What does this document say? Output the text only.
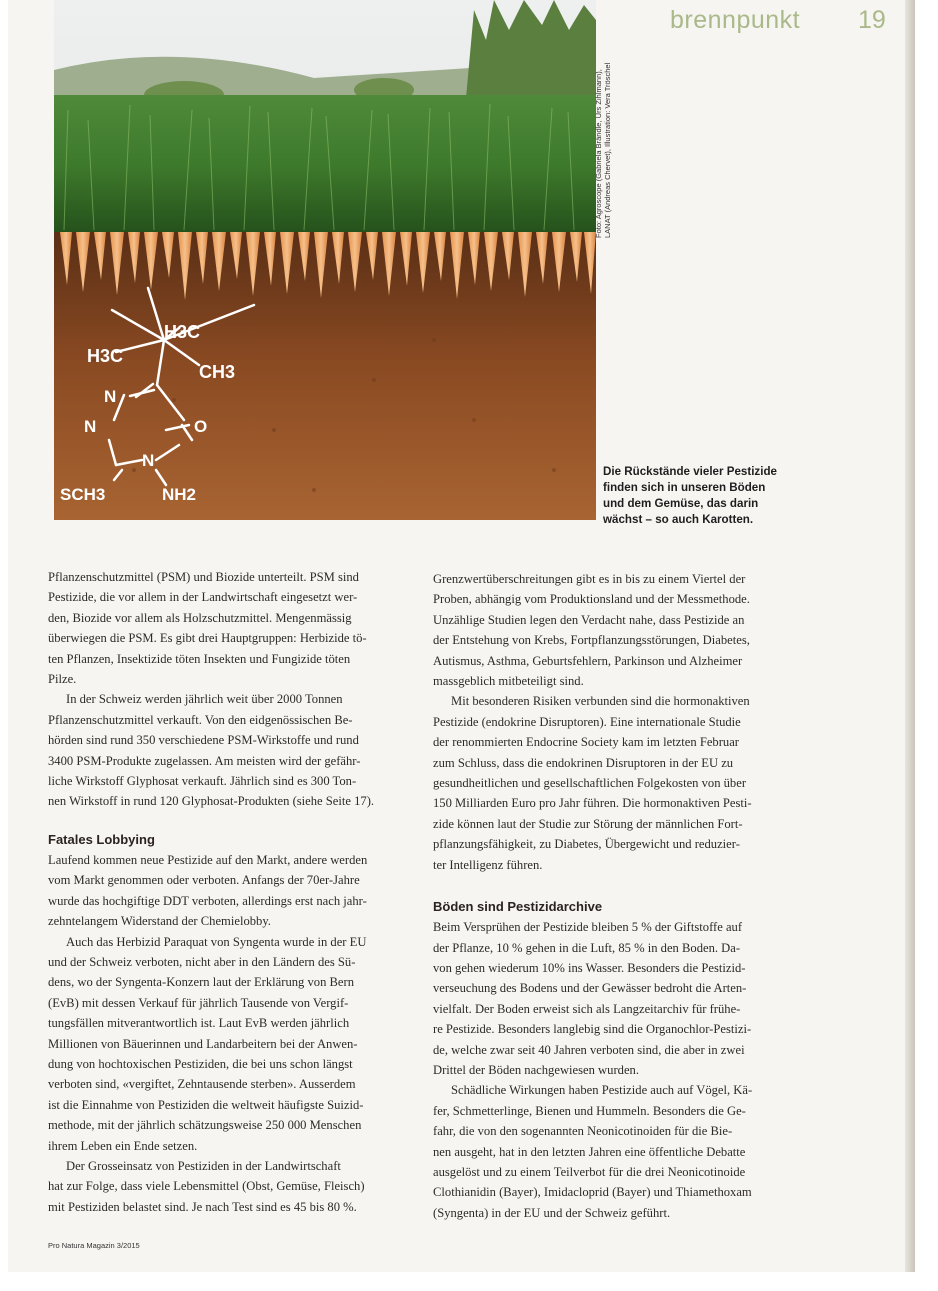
brennpunkt 19
H3C
H3C
CH3
N
N
N
O
SCH3	NH2
Foto: Agroscope (Gabriela Brändle, Urs Zihlmann), LANAT (Andreas Chervet), Illustration: Vera Tröschel
Die Rückstände vieler Pestizide
finden sich in unseren Böden
und dem Gemüse, das darin
wächst – so auch Karotten.

Pflanzenschutzmittel (PSM) und Biozide unterteilt. PSM sind
Pestizide, die vor allem in der Landwirtschaft eingesetzt wer-
den, Biozide vor allem als Holzschutzmittel. Mengenmässig
überwiegen die PSM. Es gibt drei Hauptgruppen: Herbizide tö-
ten Pflanzen, Insektizide töten Insekten und Fungizide töten
Pilze.

In der Schweiz werden jährlich weit über 2000 Tonnen
Pflanzenschutzmittel verkauft. Von den eidgenössischen Be-
hörden sind rund 350 verschiedene PSM-Wirkstoffe und rund
3400 PSM-Produkte zugelassen. Am meisten wird der gefähr-
liche Wirkstoff Glyphosat verkauft. Jährlich sind es 300 Ton-
nen Wirkstoff in rund 120 Glyphosat-Produkten (siehe Seite 17).

Fatales Lobbying

Laufend kommen neue Pestizide auf den Markt, andere werden
vom Markt genommen oder verboten. Anfangs der 70er-Jahre
wurde das hochgiftige DDT verboten, allerdings erst nach jahr-
zehntelangem Widerstand der Chemielobby.

Auch das Herbizid Paraquat von Syngenta wurde in der EU
und der Schweiz verboten, nicht aber in den Ländern des Sü-
dens, wo der Syngenta-Konzern laut der Erklärung von Bern
(EvB) mit dessen Verkauf für jährlich Tausende von Vergif-
tungsfällen mitverantwortlich ist. Laut EvB werden jährlich
Millionen von Bäuerinnen und Landarbeitern bei der Anwen-
dung von hochtoxischen Pestiziden, die bei uns schon längst
verboten sind, «vergiftet, Zehntausende sterben». Ausserdem
ist die Einnahme von Pestiziden die weltweit häufigste Suizid-
methode, mit der jährlich schätzungsweise 250 000 Menschen
ihrem Leben ein Ende setzen.

Der Grosseinsatz von Pestiziden in der Landwirtschaft
hat zur Folge, dass viele Lebensmittel (Obst, Gemüse, Fleisch)
mit Pestiziden belastet sind. Je nach Test sind es 45 bis 80 %.

Grenzwertüberschreitungen gibt es in bis zu einem Viertel der
Proben, abhängig vom Produktionsland und der Messmethode.
Unzählige Studien legen den Verdacht nahe, dass Pestizide an
der Entstehung von Krebs, Fortpflanzungsstörungen, Diabetes,
Autismus, Asthma, Geburtsfehlern, Parkinson und Alzheimer
massgeblich mitbeteiligt sind.

Mit besonderen Risiken verbunden sind die hormonaktiven
Pestizide (endokrine Disruptoren). Eine internationale Studie
der renommierten Endocrine Society kam im letzten Februar
zum Schluss, dass die endokrinen Disruptoren in der EU zu
gesundheitlichen und gesellschaftlichen Folgekosten von über
150 Milliarden Euro pro Jahr führen. Die hormonaktiven Pesti-
zide können laut der Studie zur Störung der männlichen Fort-
pflanzungsfähigkeit, zu Diabetes, Übergewicht und reduzier-
ter Intelligenz führen.

Böden sind Pestizidarchive

Beim Versprühen der Pestizide bleiben 5 % der Giftstoffe auf
der Pflanze, 10 % gehen in die Luft, 85 % in den Boden. Da-
von gehen wiederum 10% ins Wasser. Besonders die Pestizid-
verseuchung des Bodens und der Gewässer bedroht die Arten-
vielfalt. Der Boden erweist sich als Langzeitarchiv für frühe-
re Pestizide. Besonders langlebig sind die Organochlor-Pestizi-
de, welche zwar seit 40 Jahren verboten sind, die aber in zwei
Drittel der Böden nachgewiesen wurden.

Schädliche Wirkungen haben Pestizide auch auf Vögel, Kä-
fer, Schmetterlinge, Bienen und Hummeln. Besonders die Ge-
fahr, die von den sogenannten Neonicotinoiden für die Bie-
nen ausgeht, hat in den letzten Jahren eine öffentliche Debatte
ausgelöst und zu einem Teilverbot für die drei Neonicotinoide
Clothianidin (Bayer), Imidacloprid (Bayer) und Thiamethoxam
(Syngenta) in der EU und der Schweiz geführt.

Pro Natura Magazin 3/2015
